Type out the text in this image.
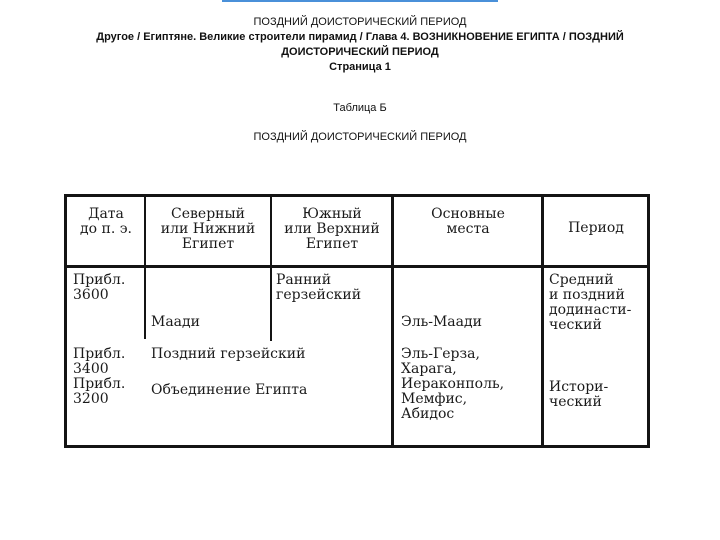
ПОЗДНИЙ ДОИСТОРИЧЕСКИЙ ПЕРИОД
Другое / Египтяне. Великие строители пирамид / Глава 4. ВОЗНИКНОВЕНИЕ ЕГИПТА / ПОЗДНИЙ
ДОИСТОРИЧЕСКИЙ ПЕРИОД
Страница 1
Таблица Б
ПОЗДНИЙ ДОИСТОРИЧЕСКИЙ ПЕРИОД
Дата
до п. э.
Северный
или Нижний
Египет
Южный
или Верхний
Египет
Основные
места	Период
Прибл.
3600
Маади
Ранний
герзейский
Эль-Маади
Средний
и поздний
додинасти-
ческий
Прибл.
3400
Прибл.
3200
Поздний герзейский
Объединение Египта
Эль-Герза,
Харага,
Иераконполь,
Мемфис,
Абидос
Истори-
ческий
